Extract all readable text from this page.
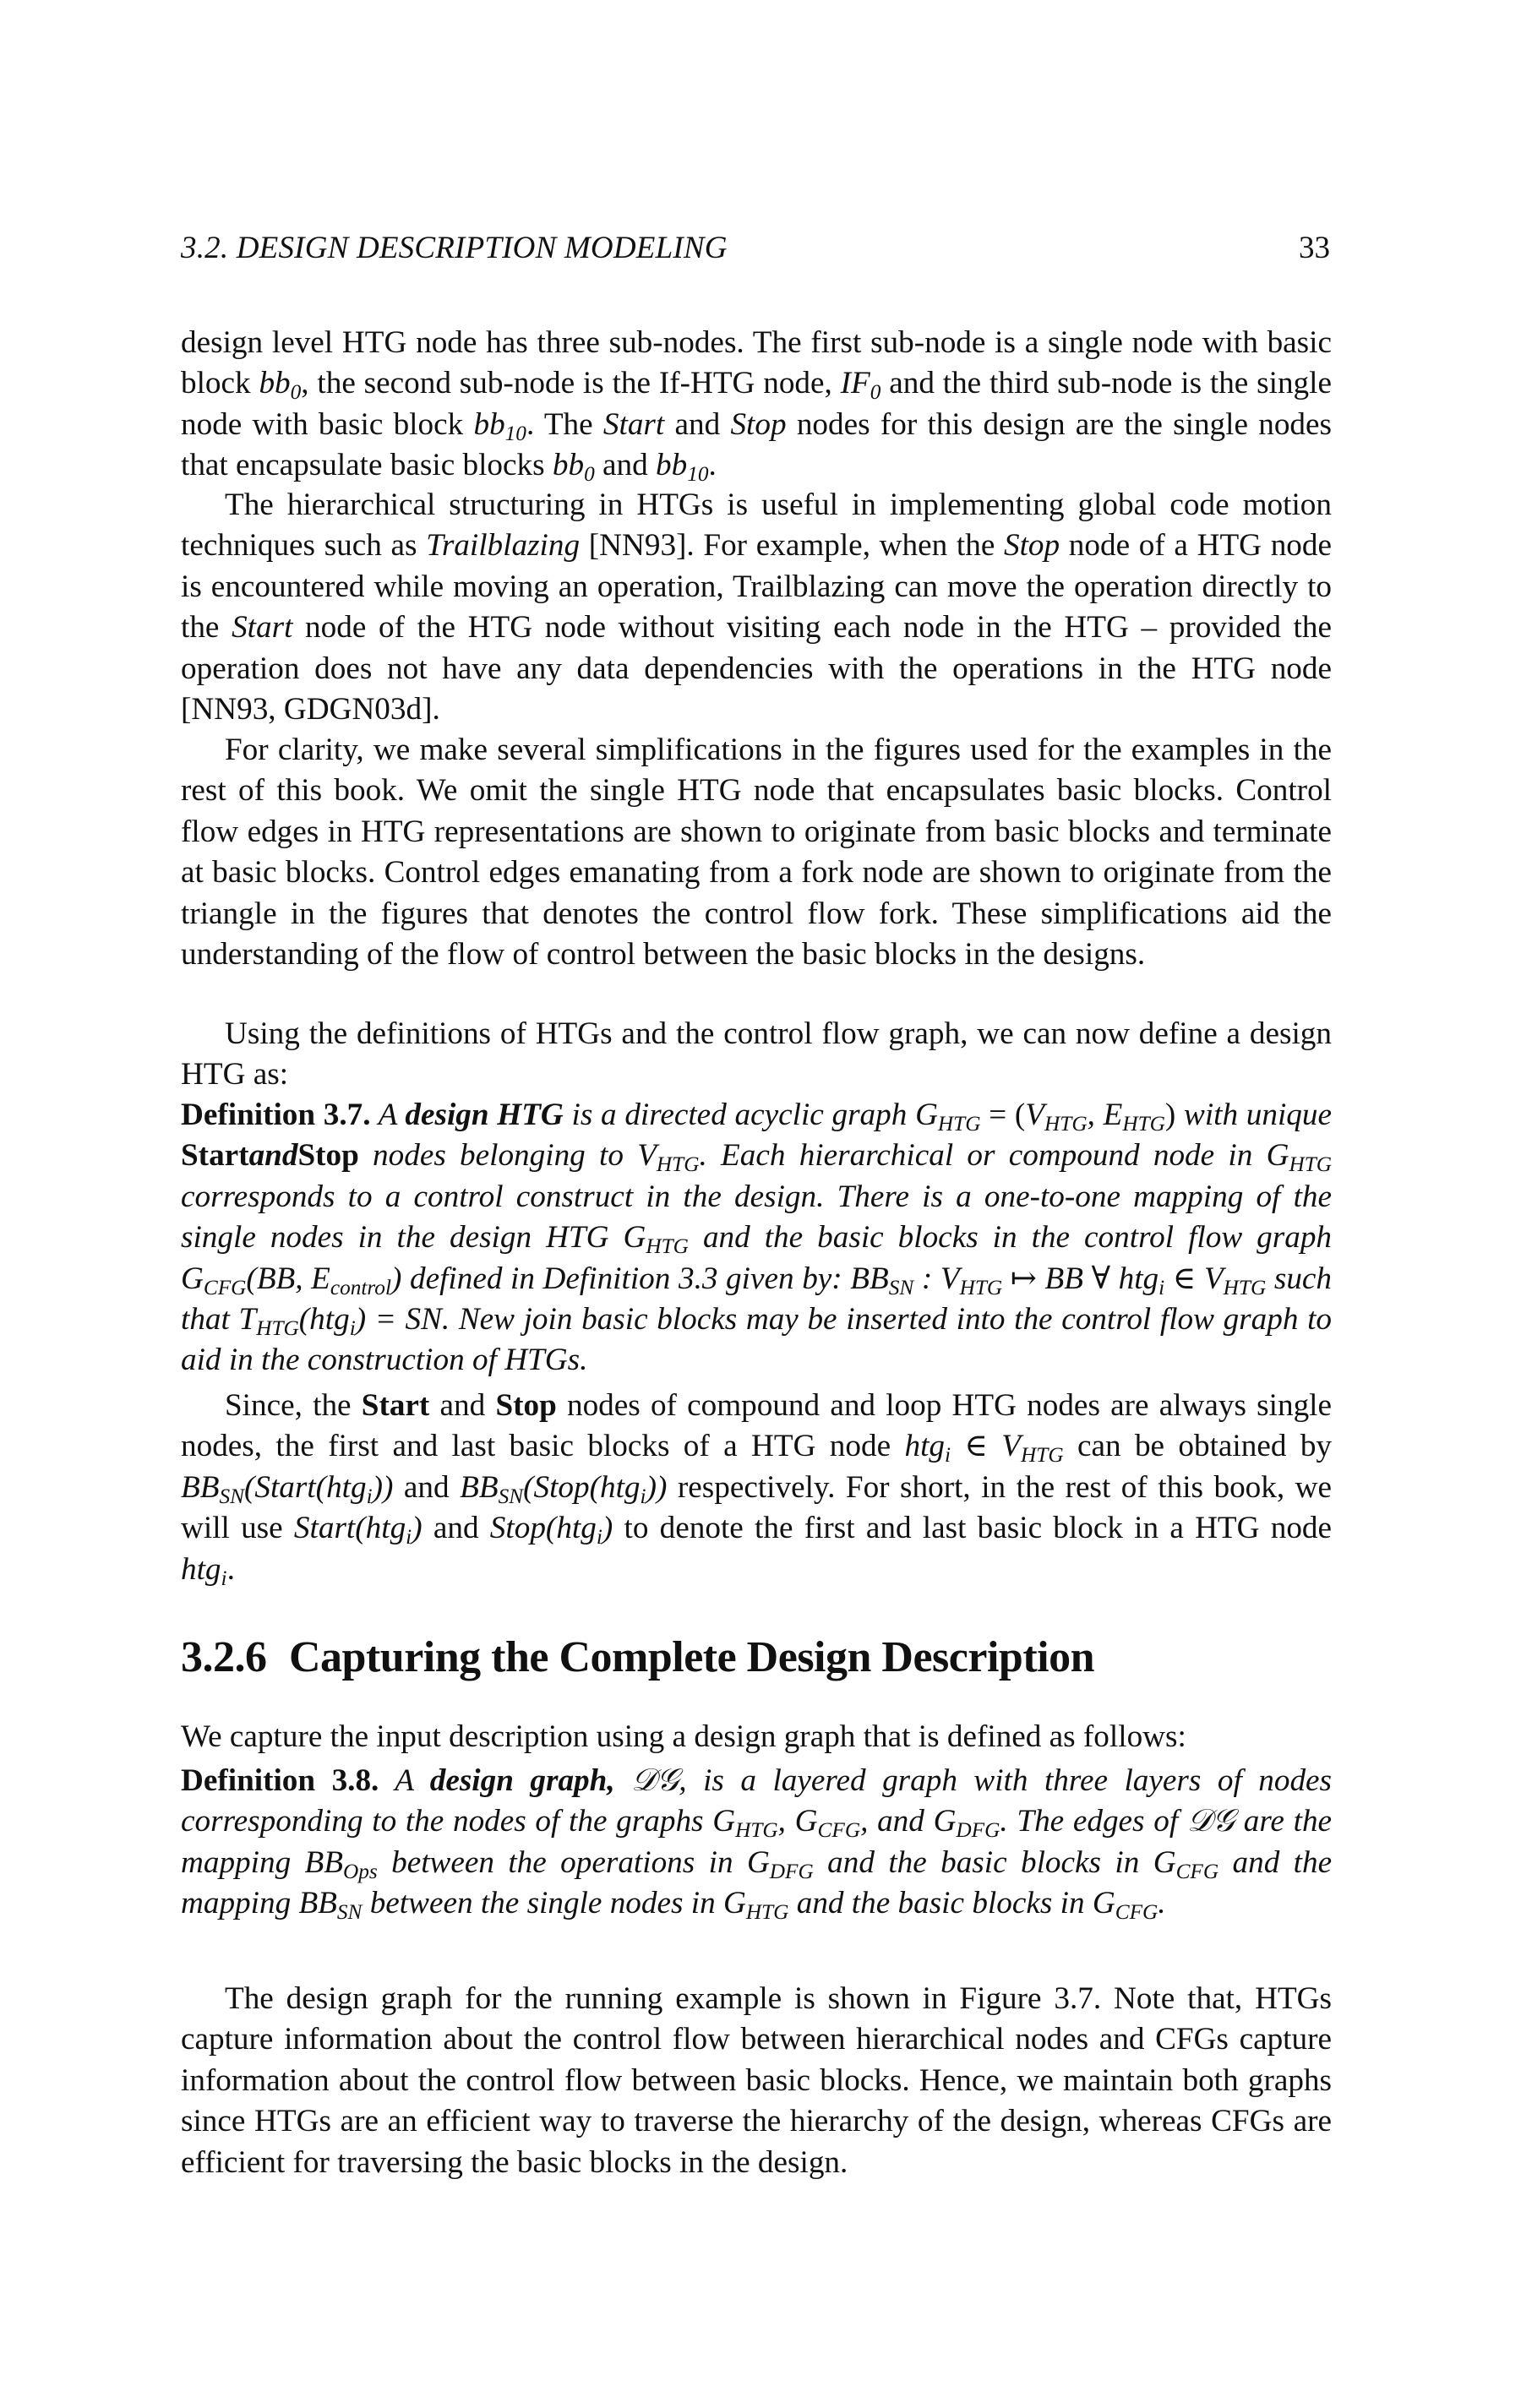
3.2. DESIGN DESCRIPTION MODELING	33

design level HTG node has three sub-nodes. The first sub-node is a single node with basic block $bb_0$, the second sub-node is the If-HTG node, $IF_0$ and the third sub-node is the single node with basic block $bb_{10}$. The Start and Stop nodes for this design are the single nodes that encapsulate basic blocks $bb_0$ and $bb_{10}$.

The hierarchical structuring in HTGs is useful in implementing global code motion techniques such as Trailblazing [NN93]. For example, when the Stop node of a HTG node is encountered while moving an operation, Trailblazing can move the operation directly to the Start node of the HTG node without visiting each node in the HTG – provided the operation does not have any data dependencies with the operations in the HTG node [NN93, GDGN03d].

For clarity, we make several simplifications in the figures used for the examples in the rest of this book. We omit the single HTG node that encapsulates basic blocks. Control flow edges in HTG representations are shown to originate from basic blocks and terminate at basic blocks. Control edges emanating from a fork node are shown to originate from the triangle in the figures that denotes the control flow fork. These simplifications aid the understanding of the flow of control between the basic blocks in the designs.

Using the definitions of HTGs and the control flow graph, we can now define a design HTG as:

Definition 3.7. A design HTG is a directed acyclic graph $G_{HTG} = (V_{HTG}$, $E_{HTG}$) with unique StartandStop nodes belonging to $V_{HTG}$. Each hierarchical or compound node in $G_{HTG}$ corresponds to a control construct in the design. There is a one-to-one mapping of the single nodes in the design HTG $G_{HTG}$ and the basic blocks in the control flow graph $G_{CFG}(BB$, $E_{control}$) defined in Definition 3.3 given by: $BB_{SN}$ : $V_{HTG}$ ↦ BB ∀ htg$_i$ ∈ $V_{HTG}$ such that $T_{HTG}(htg_i)$ = SN. New join basic blocks may be inserted into the control flow graph to aid in the construction of HTGs.

Since, the Start and Stop nodes of compound and loop HTG nodes are always single nodes, the first and last basic blocks of a HTG node htg$_i$ ∈ $V_{HTG}$ can be obtained by $BB_{SN}(Start(htg_i))$ and $BB_{SN}(Stop(htg_i))$ respectively. For short, in the rest of this book, we will use Start(htg$_i$) and Stop(htg$_i$) to denote the first and last basic block in a HTG node htg$_i$.

3.2.6 Capturing the Complete Design Description

We capture the input description using a design graph that is defined as follows:

Definition 3.8. A design graph, 𝒟𝒢, is a layered graph with three layers of nodes corresponding to the nodes of the graphs $G_{HTG}$, $G_{CFG}$, and $G_{DFG}$. The edges of 𝒟𝒢 are the mapping $BB_{Ops}$ between the operations in $G_{DFG}$ and the basic blocks in $G_{CFG}$ and the mapping $BB_{SN}$ between the single nodes in $G_{HTG}$ and the basic blocks in $G_{CFG}$.

The design graph for the running example is shown in Figure 3.7. Note that, HTGs capture information about the control flow between hierarchical nodes and CFGs capture information about the control flow between basic blocks. Hence, we maintain both graphs since HTGs are an efficient way to traverse the hierarchy of the design, whereas CFGs are efficient for traversing the basic blocks in the design.
